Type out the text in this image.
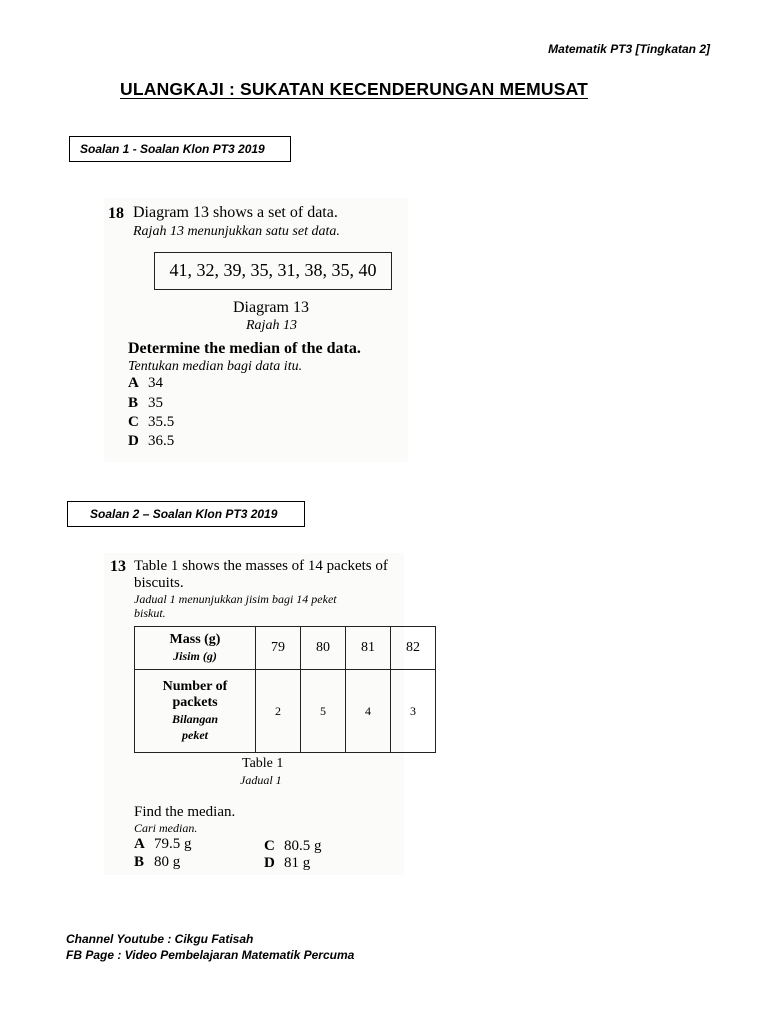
Matematik PT3 [Tingkatan 2]
ULANGKAJI : SUKATAN KECENDERUNGAN MEMUSAT
Soalan 1 - Soalan Klon PT3 2019
18 Diagram 13 shows a set of data.
Rajah 13 menunjukkan satu set data.
41, 32, 39, 35, 31, 38, 35, 40
Diagram 13
Rajah 13
Determine the median of the data.
Tentukan median bagi data itu.
A 34
B 35
C 35.5
D 36.5
Soalan 2 – Soalan Klon PT3 2019
13 Table 1 shows the masses of 14 packets of
biscuits.
Jadual 1 menunjukkan jisim bagi 14 peket
biskut.
Mass (g)
Jisim (g)	79	80	81	82

Number of
packets
Bilangan
peket	2	5	4	3
Table 1
Jadual 1
Find the median.
Cari median.
A 79.5 g
B 80 g
C 80.5 g
D 81 g
Channel Youtube : Cikgu Fatisah
FB Page : Video Pembelajaran Matematik Percuma
